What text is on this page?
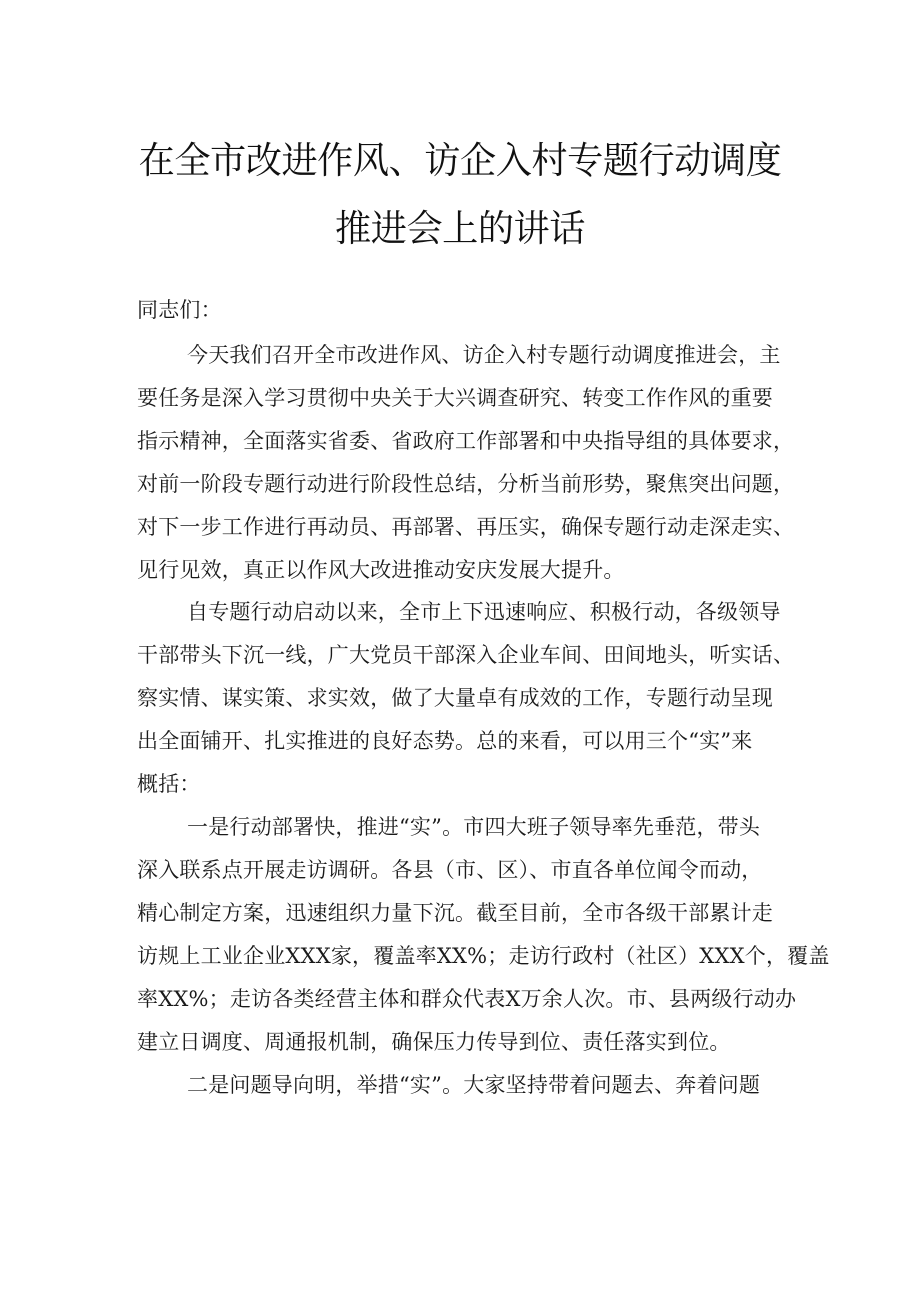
在全市改进作风、访企入村专题行动调度
推进会上的讲话
同志们：
今天我们召开全市改进作风、访企入村专题行动调度推进会，主
要任务是深入学习贯彻中央关于大兴调查研究、转变工作作风的重要
指示精神，全面落实省委、省政府工作部署和中央指导组的具体要求，
对前一阶段专题行动进行阶段性总结，分析当前形势，聚焦突出问题，
对下一步工作进行再动员、再部署、再压实，确保专题行动走深走实、
见行见效，真正以作风大改进推动安庆发展大提升。
自专题行动启动以来，全市上下迅速响应、积极行动，各级领导
干部带头下沉一线，广大党员干部深入企业车间、田间地头，听实话、
察实情、谋实策、求实效，做了大量卓有成效的工作，专题行动呈现
出全面铺开、扎实推进的良好态势。总的来看，可以用三个“实”来
概括：
一是行动部署快，推进“实”。市四大班子领导率先垂范，带头
深入联系点开展走访调研。各县（市、区）、市直各单位闻令而动，
精心制定方案，迅速组织力量下沉。截至目前，全市各级干部累计走
访规上工业企业XXX家，覆盖率XX%；走访行政村（社区）XXX个，覆盖
率XX%；走访各类经营主体和群众代表X万余人次。市、县两级行动办
建立日调度、周通报机制，确保压力传导到位、责任落实到位。
二是问题导向明，举措“实”。大家坚持带着问题去、奔着问题
